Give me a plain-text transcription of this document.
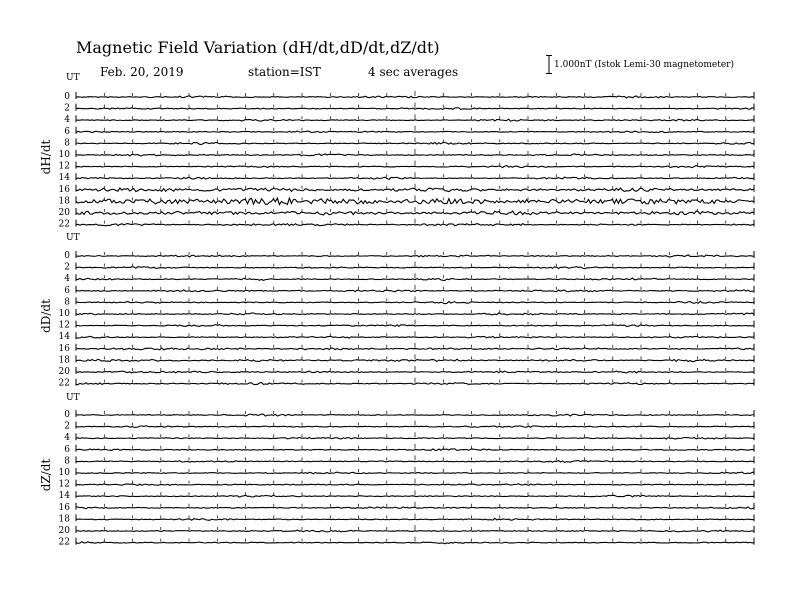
Magnetic Field Variation (dH/dt,dD/dt,dZ/dt)
Feb. 20, 2019	station=IST	4 sec averages	1.000nT (Istok Lemi-30 magnetometer)
UT
dH/dt
0
2
4
6
8
10
12
14
16
18
20
22
UT
dD/dt
0
2
4
6
8
10
12
14
16
18
20
22
UT
dZ/dt
0
2
4
6
8
10
12
14
16
18
20
22
